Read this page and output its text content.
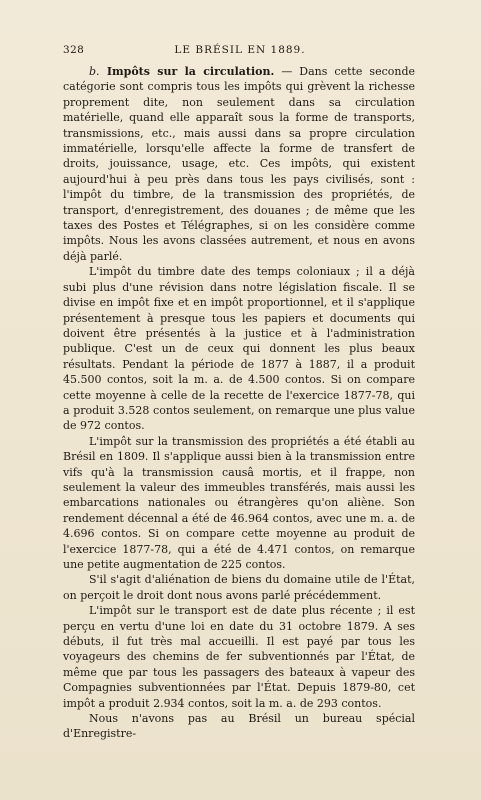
328	LE BRÉSIL EN 1889.

b. Impôts sur la circulation. — Dans cette seconde catégorie sont compris tous les impôts qui grèvent la richesse proprement dite, non seulement dans sa circulation matérielle, quand elle apparaît sous la forme de transports, transmissions, etc., mais aussi dans sa propre circulation immatérielle, lorsqu'elle affecte la forme de transfert de droits, jouissance, usage, etc. Ces impôts, qui existent aujourd'hui à peu près dans tous les pays civilisés, sont : l'impôt du timbre, de la transmission des propriétés, de transport, d'enregistrement, des douanes ; de même que les taxes des Postes et Télégraphes, si on les considère comme impôts. Nous les avons classées autrement, et nous en avons déjà parlé.

L'impôt du timbre date des temps coloniaux ; il a déjà subi plus d'une révision dans notre législation fiscale. Il se divise en impôt fixe et en impôt proportionnel, et il s'applique présentement à presque tous les papiers et documents qui doivent être présentés à la justice et à l'administration publique. C'est un de ceux qui donnent les plus beaux résultats. Pendant la période de 1877 à 1887, il a produit 45.500 contos, soit la m. a. de 4.500 contos. Si on compare cette moyenne à celle de la recette de l'exercice 1877-78, qui a produit 3.528 contos seulement, on remarque une plus value de 972 contos.

L'impôt sur la transmission des propriétés a été établi au Brésil en 1809. Il s'applique aussi bien à la transmission entre vifs qu'à la transmission causâ mortis, et il frappe, non seulement la valeur des immeubles transférés, mais aussi les embarcations nationales ou étrangères qu'on aliène. Son rendement décennal a été de 46.964 contos, avec une m. a. de 4.696 contos. Si on compare cette moyenne au produit de l'exercice 1877-78, qui a été de 4.471 contos, on remarque une petite augmentation de 225 contos.

S'il s'agit d'aliénation de biens du domaine utile de l'État, on perçoit le droit dont nous avons parlé précédemment.

L'impôt sur le transport est de date plus récente ; il est perçu en vertu d'une loi en date du 31 octobre 1879. A ses débuts, il fut très mal accueilli. Il est payé par tous les voyageurs des chemins de fer subventionnés par l'État, de même que par tous les passagers des bateaux à vapeur des Compagnies subventionnées par l'État. Depuis 1879-80, cet impôt a produit 2.934 contos, soit la m. a. de 293 contos.

Nous n'avons pas au Brésil un bureau spécial d'Enregistre-
